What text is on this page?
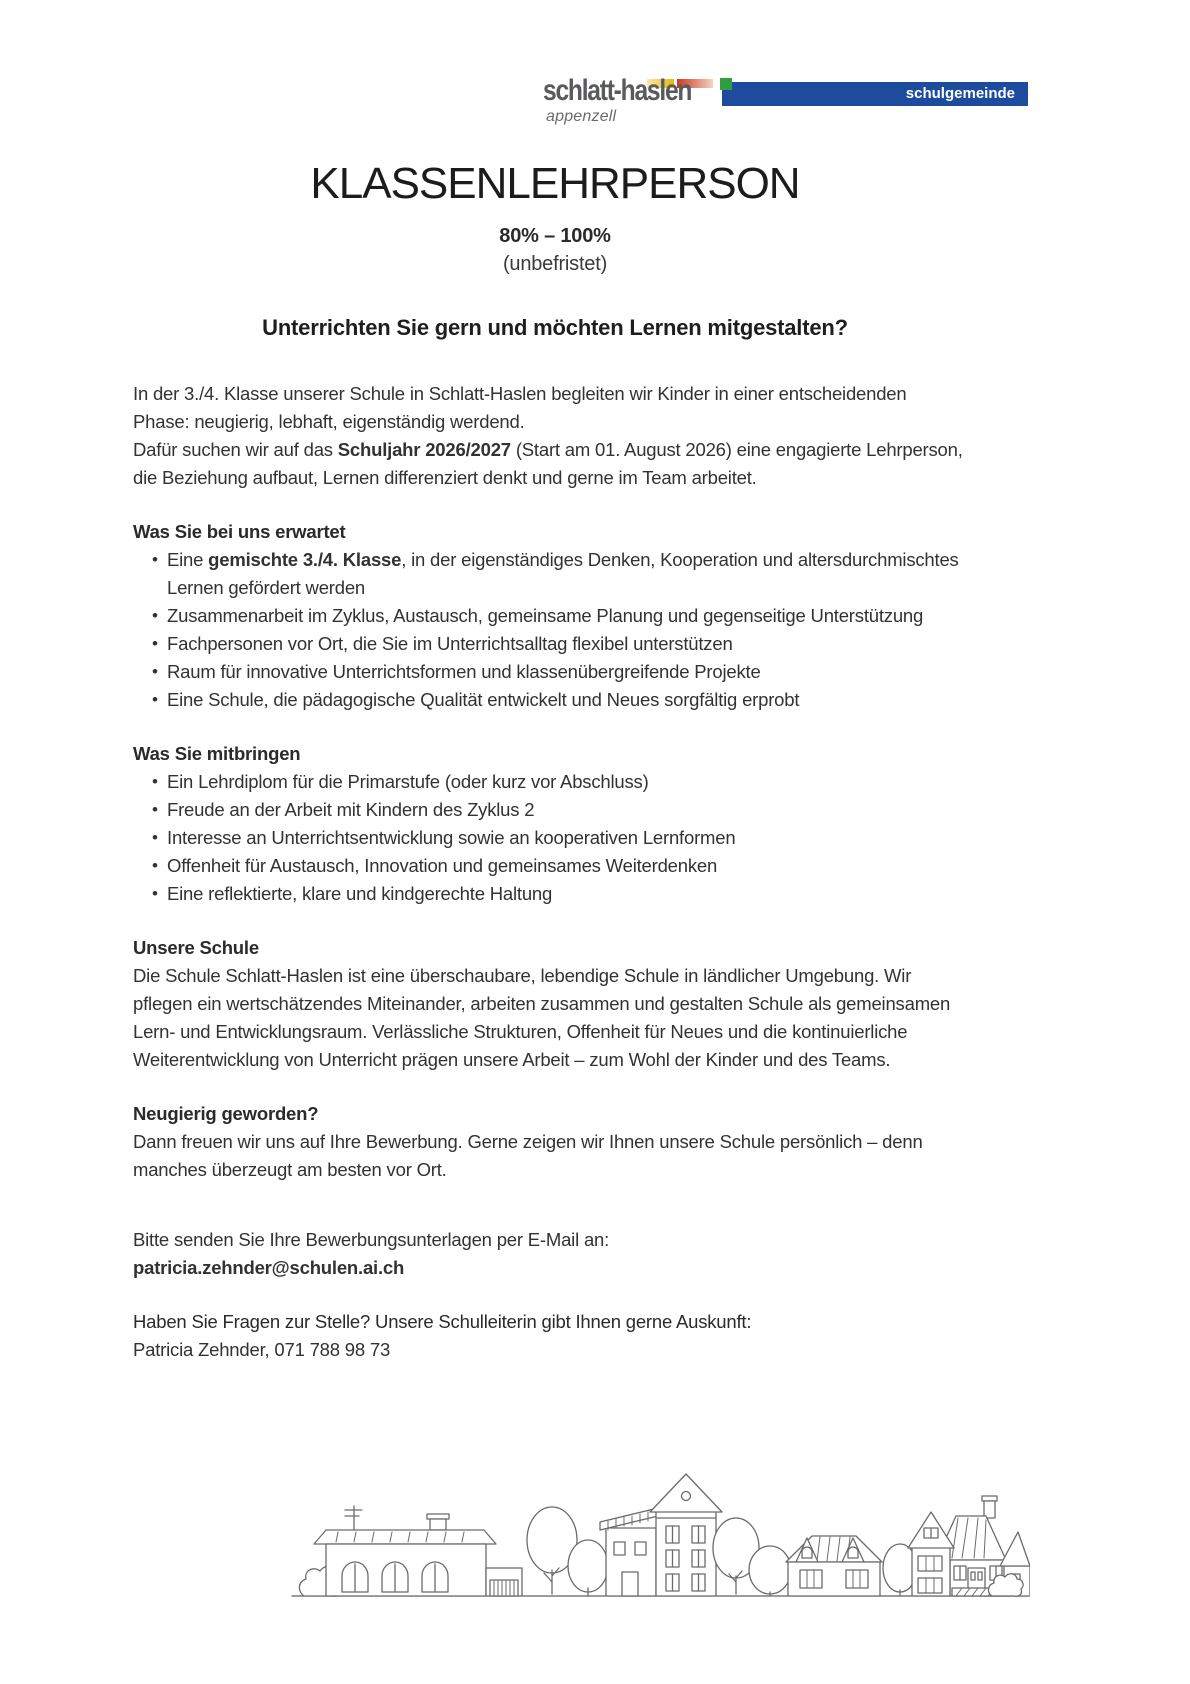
schlatt-haslen
appenzell
schulgemeinde
KLASSENLEHRPERSON
80% – 100%
(unbefristet)
Unterrichten Sie gern und möchten Lernen mitgestalten?
In der 3./4. Klasse unserer Schule in Schlatt-Haslen begleiten wir Kinder in einer entscheidenden
Phase: neugierig, lebhaft, eigenständig werdend.
Dafür suchen wir auf das Schuljahr 2026/2027 (Start am 01. August 2026) eine engagierte Lehrperson,
die Beziehung aufbaut, Lernen differenziert denkt und gerne im Team arbeitet.
Was Sie bei uns erwartet
• Eine gemischte 3./4. Klasse, in der eigenständiges Denken, Kooperation und altersdurchmischtes
Lernen gefördert werden
• Zusammenarbeit im Zyklus, Austausch, gemeinsame Planung und gegenseitige Unterstützung
• Fachpersonen vor Ort, die Sie im Unterrichtsalltag flexibel unterstützen
• Raum für innovative Unterrichtsformen und klassenübergreifende Projekte
• Eine Schule, die pädagogische Qualität entwickelt und Neues sorgfältig erprobt
Was Sie mitbringen
• Ein Lehrdiplom für die Primarstufe (oder kurz vor Abschluss)
• Freude an der Arbeit mit Kindern des Zyklus 2
• Interesse an Unterrichtsentwicklung sowie an kooperativen Lernformen
• Offenheit für Austausch, Innovation und gemeinsames Weiterdenken
• Eine reflektierte, klare und kindgerechte Haltung
Unsere Schule
Die Schule Schlatt-Haslen ist eine überschaubare, lebendige Schule in ländlicher Umgebung. Wir
pflegen ein wertschätzendes Miteinander, arbeiten zusammen und gestalten Schule als gemeinsamen
Lern- und Entwicklungsraum. Verlässliche Strukturen, Offenheit für Neues und die kontinuierliche
Weiterentwicklung von Unterricht prägen unsere Arbeit – zum Wohl der Kinder und des Teams.
Neugierig geworden?
Dann freuen wir uns auf Ihre Bewerbung. Gerne zeigen wir Ihnen unsere Schule persönlich – denn
manches überzeugt am besten vor Ort.
Bitte senden Sie Ihre Bewerbungsunterlagen per E-Mail an:
patricia.zehnder@schulen.ai.ch
Haben Sie Fragen zur Stelle? Unsere Schulleiterin gibt Ihnen gerne Auskunft:
Patricia Zehnder, 071 788 98 73
